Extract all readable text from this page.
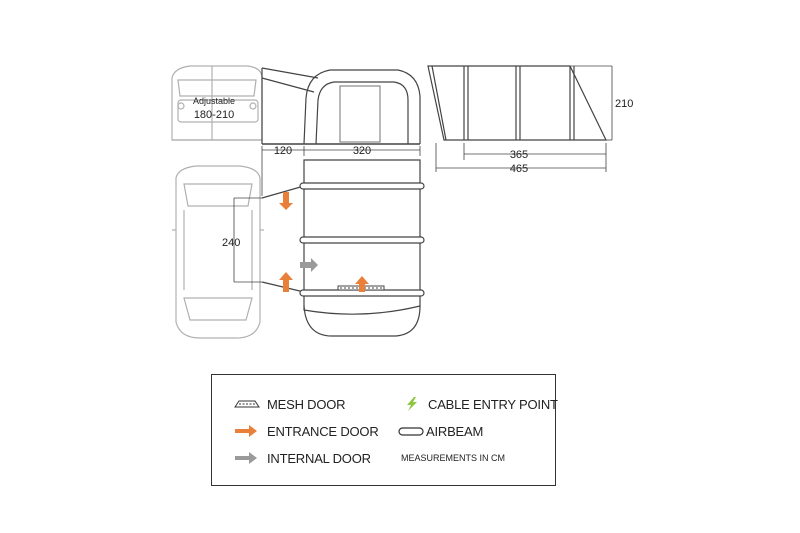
Adjustable
180-210
120	320
210
365
465
240
MESH DOOR
ENTRANCE DOOR
INTERNAL DOOR
CABLE ENTRY POINT
AIRBEAM
MEASUREMENTS IN CM
